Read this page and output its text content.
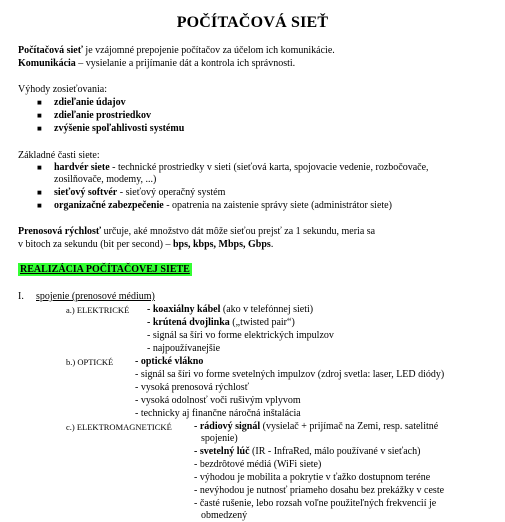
POČÍTAČOVÁ SIEŤ
Počítačová sieť je vzájomné prepojenie počítačov za účelom ich komunikácie.
Komunikácia – vysielanie a prijímanie dát a kontrola ich správnosti.
Výhody zosieťovania:
■ zdieľanie údajov
■ zdieľanie prostriedkov
■ zvýšenie spoľahlivosti systému
Základné časti siete:
■ hardvér siete - technické prostriedky v sieti (sieťová karta, spojovacie vedenie, rozbočovače,
zosilňovače, modemy, ...)
■ sieťový softvér - sieťový operačný systém
■ organizačné zabezpečenie - opatrenia na zaistenie správy siete (administrátor siete)
Prenosová rýchlosť určuje, aké množstvo dát môže sieťou prejsť za 1 sekundu, meria sa
v bitoch za sekundu (bit per second) – bps, kbps, Mbps, Gbps.
REALIZÁCIA POČÍTAČOVEJ SIETE
I. spojenie (prenosové médium)
a.) ELEKTRICKÉ - koaxiálny kábel (ako v telefónnej sieti)
- krútená dvojlinka („twisted pair“)
- signál sa šíri vo forme elektrických impulzov
- najpoužívanejšie
b.) OPTICKÉ - optické vlákno
- signál sa šíri vo forme svetelných impulzov (zdroj svetla: laser, LED diódy)
- vysoká prenosová rýchlosť
- vysoká odolnosť voči rušivým vplyvom
- technicky aj finančne náročná inštalácia
c.) ELEKTROMAGNETICKÉ - rádiový signál (vysielač + prijímač na Zemi, resp. satelitné
spojenie)
- svetelný lúč (IR - InfraRed, málo používané v sieťach)
- bezdrôtové médiá (WiFi siete)
- výhodou je mobilita a pokrytie v ťažko dostupnom teréne
- nevýhodou je nutnosť priameho dosahu bez prekážky v ceste
- časté rušenie, lebo rozsah voľne použiteľných frekvencií je
obmedzený
